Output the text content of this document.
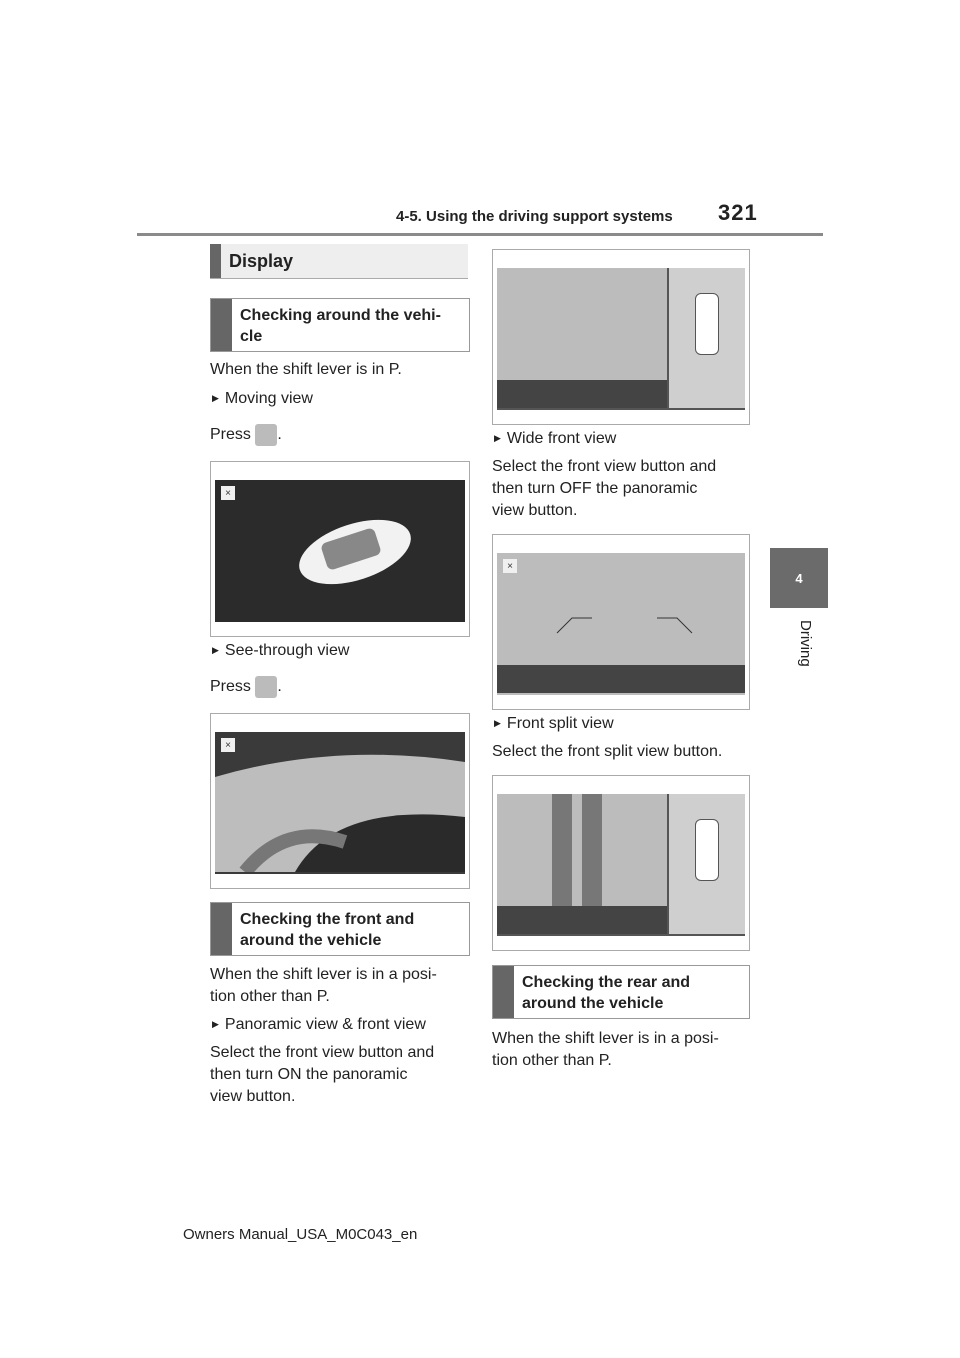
4-5. Using the driving support systems 321
4
Driving
Display
Checking around the vehi-
cle
When the shift lever is in P.
▶ Moving view
Press .
×
▶ See-through view
Press .
×
Checking the front and
around the vehicle
When the shift lever is in a posi-
tion other than P.
▶ Panoramic view & front view
Select the front view button and
then turn ON the panoramic
view button.
▶ Wide front view
Select the front view button and
then turn OFF the panoramic
view button.
×
▶ Front split view
Select the front split view button.
Checking the rear and
around the vehicle
When the shift lever is in a posi-
tion other than P.
Owners Manual_USA_M0C043_en
